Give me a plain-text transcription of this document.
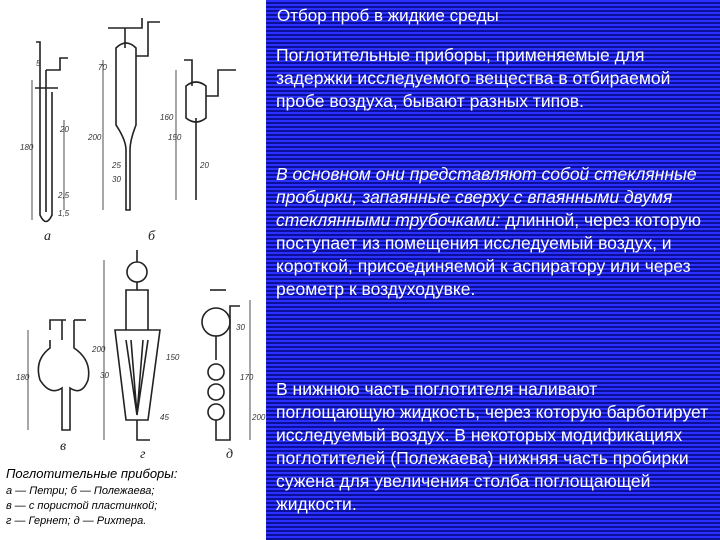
а	б
в
г	д
5
180
20
2,5
1,5
70
200
25
30
160
150
20
180
200
150
30
45
30
170
200
Поглотительные приборы:
а — Петри; б — Полежаева;
в — с пористой пластинкой;
г — Гернет; д — Рихтера.
Отбор проб в жидкие среды
Поглотительные приборы, применяемые для задержки исследуемого вещества в отбираемой пробе воздуха, бывают разных типов.
В основном они представляют собой стеклянные пробирки, запаянные сверху с впаянными двумя стеклянными трубочками: длинной, через которую поступает из помещения исследуемый воздух, и короткой, присоединяемой к аспиратору или через реометр к воздуходувке.
В нижнюю часть поглотителя наливают поглощающую жидкость, через которую барботирует исследуемый воздух. В некоторых модификациях поглотителей (Полежаева) нижняя часть пробирки сужена для увеличения столба поглощающей жидкости.
